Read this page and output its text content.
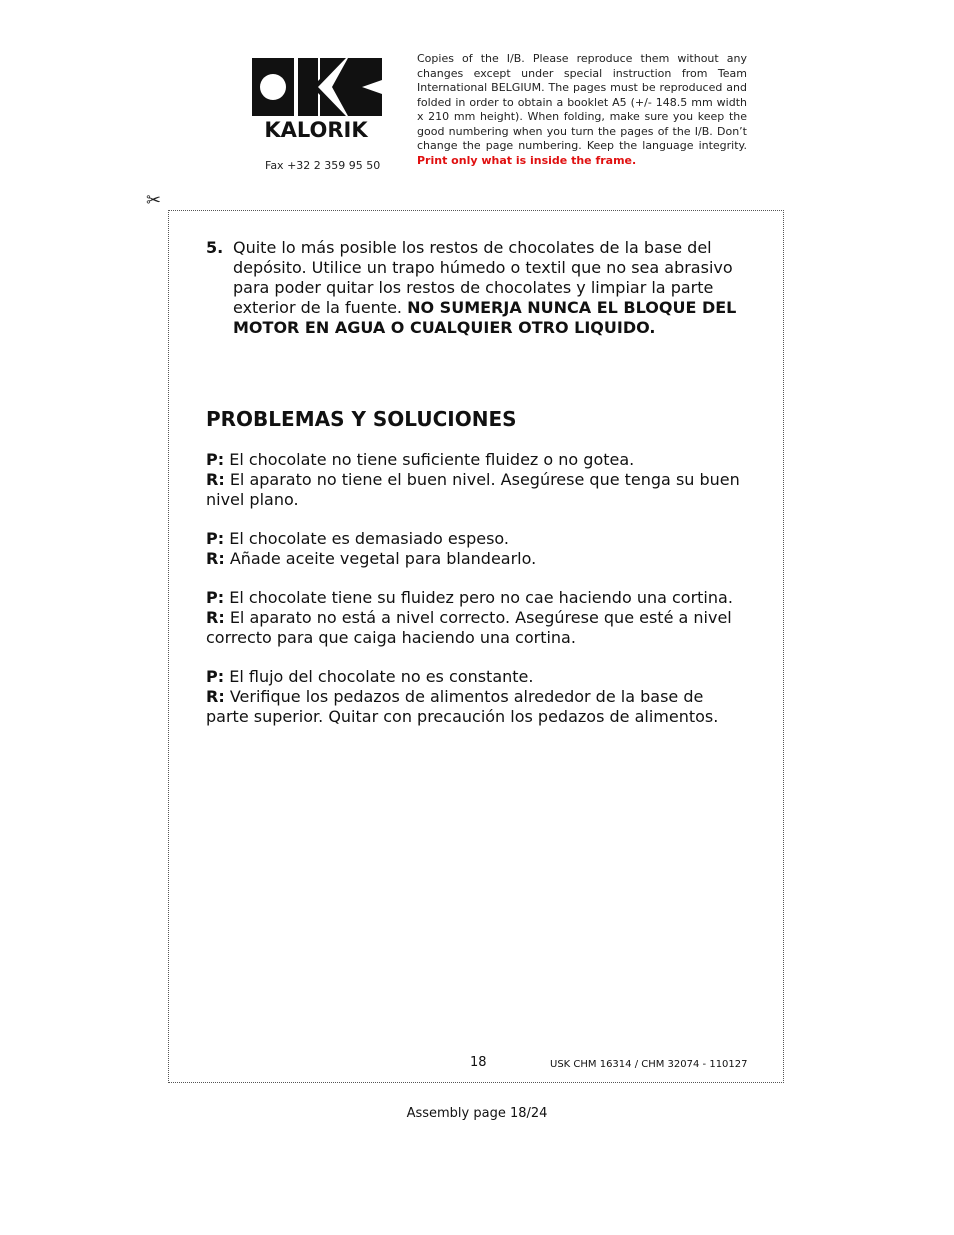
KALORIK
Fax +32 2 359 95 50
Copies of the I/B. Please reproduce them without any changes except under special instruction from Team International BELGIUM. The pages must be reproduced and folded in order to obtain a booklet A5 (+/- 148.5 mm width x 210 mm height). When folding, make sure you keep the good numbering when you turn the pages of the I/B. Don’t change the page numbering. Keep the language integrity. Print only what is inside the frame.
✂
5. Quite lo más posible los restos de chocolates de la base del depósito. Utilice un trapo húmedo o textil que no sea abrasivo para poder quitar los restos de chocolates y limpiar la parte exterior de la fuente. NO SUMERJA NUNCA EL BLOQUE DEL MOTOR EN AGUA O CUALQUIER OTRO LIQUIDO.
PROBLEMAS Y SOLUCIONES

P: El chocolate no tiene suficiente fluidez o no gotea.

R: El aparato no tiene el buen nivel. Asegúrese que tenga su buen nivel plano.

P: El chocolate es demasiado espeso.

R: Añade aceite vegetal para blandearlo.

P: El chocolate tiene su fluidez pero no cae haciendo una cortina.

R: El aparato no está a nivel correcto. Asegúrese que esté a nivel correcto para que caiga haciendo una cortina.

P: El flujo del chocolate no es constante.

R: Verifique los pedazos de alimentos alrededor de la base de parte superior. Quitar con precaución los pedazos de alimentos.

18	USK CHM 16314 / CHM 32074 - 110127
Assembly page 18/24
